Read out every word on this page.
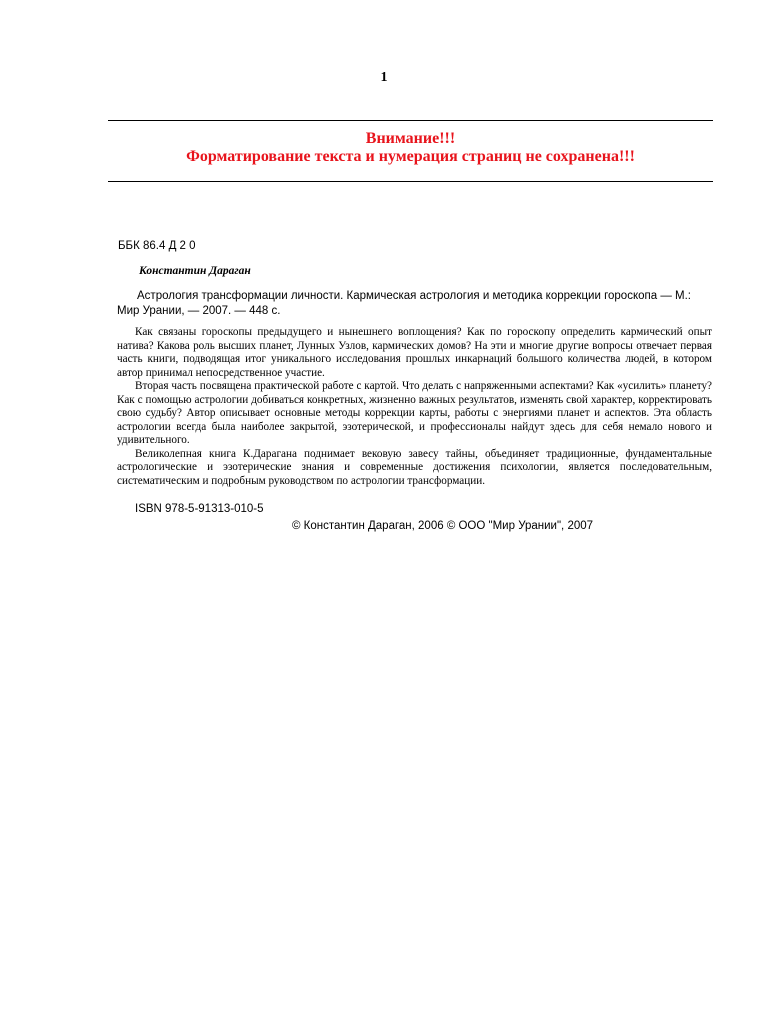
1
Внимание!!!
Форматирование текста и нумерация страниц не сохранена!!!
ББК 86.4 Д 2 0
Константин Дараган
Астрология трансформации личности. Кармическая астрология и методика коррекции гороскопа — М.: Мир Урании, — 2007. — 448 с.

Как связаны гороскопы предыдущего и нынешнего воплощения? Как по гороскопу определить кармический опыт натива? Какова роль высших планет, Лунных Узлов, кармических домов? На эти и многие другие вопросы отвечает первая часть книги, подводящая итог уникального исследования прошлых инкарнаций большого количества людей, в котором автор принимал непосредственное участие.

Вторая часть посвящена практической работе с картой. Что делать с напряженными аспектами? Как «усилить» планету? Как с помощью астрологии добиваться конкретных, жизненно важных результатов, изменять свой характер, корректировать свою судьбу? Автор описывает основные методы коррекции карты, работы с энергиями планет и аспектов. Эта область астрологии всегда была наиболее закрытой, эзотерической, и профессионалы найдут здесь для себя немало нового и удивительного.

Великолепная книга К.Дарагана поднимает вековую завесу тайны, объединяет традиционные, фундаментальные астрологические и эзотерические знания и современные достижения психологии, является последовательным, систематическим и подробным руководством по астрологии трансформации.

ISBN 978-5-91313-010-5
© Константин Дараган, 2006 © ООО "Мир Урании", 2007
